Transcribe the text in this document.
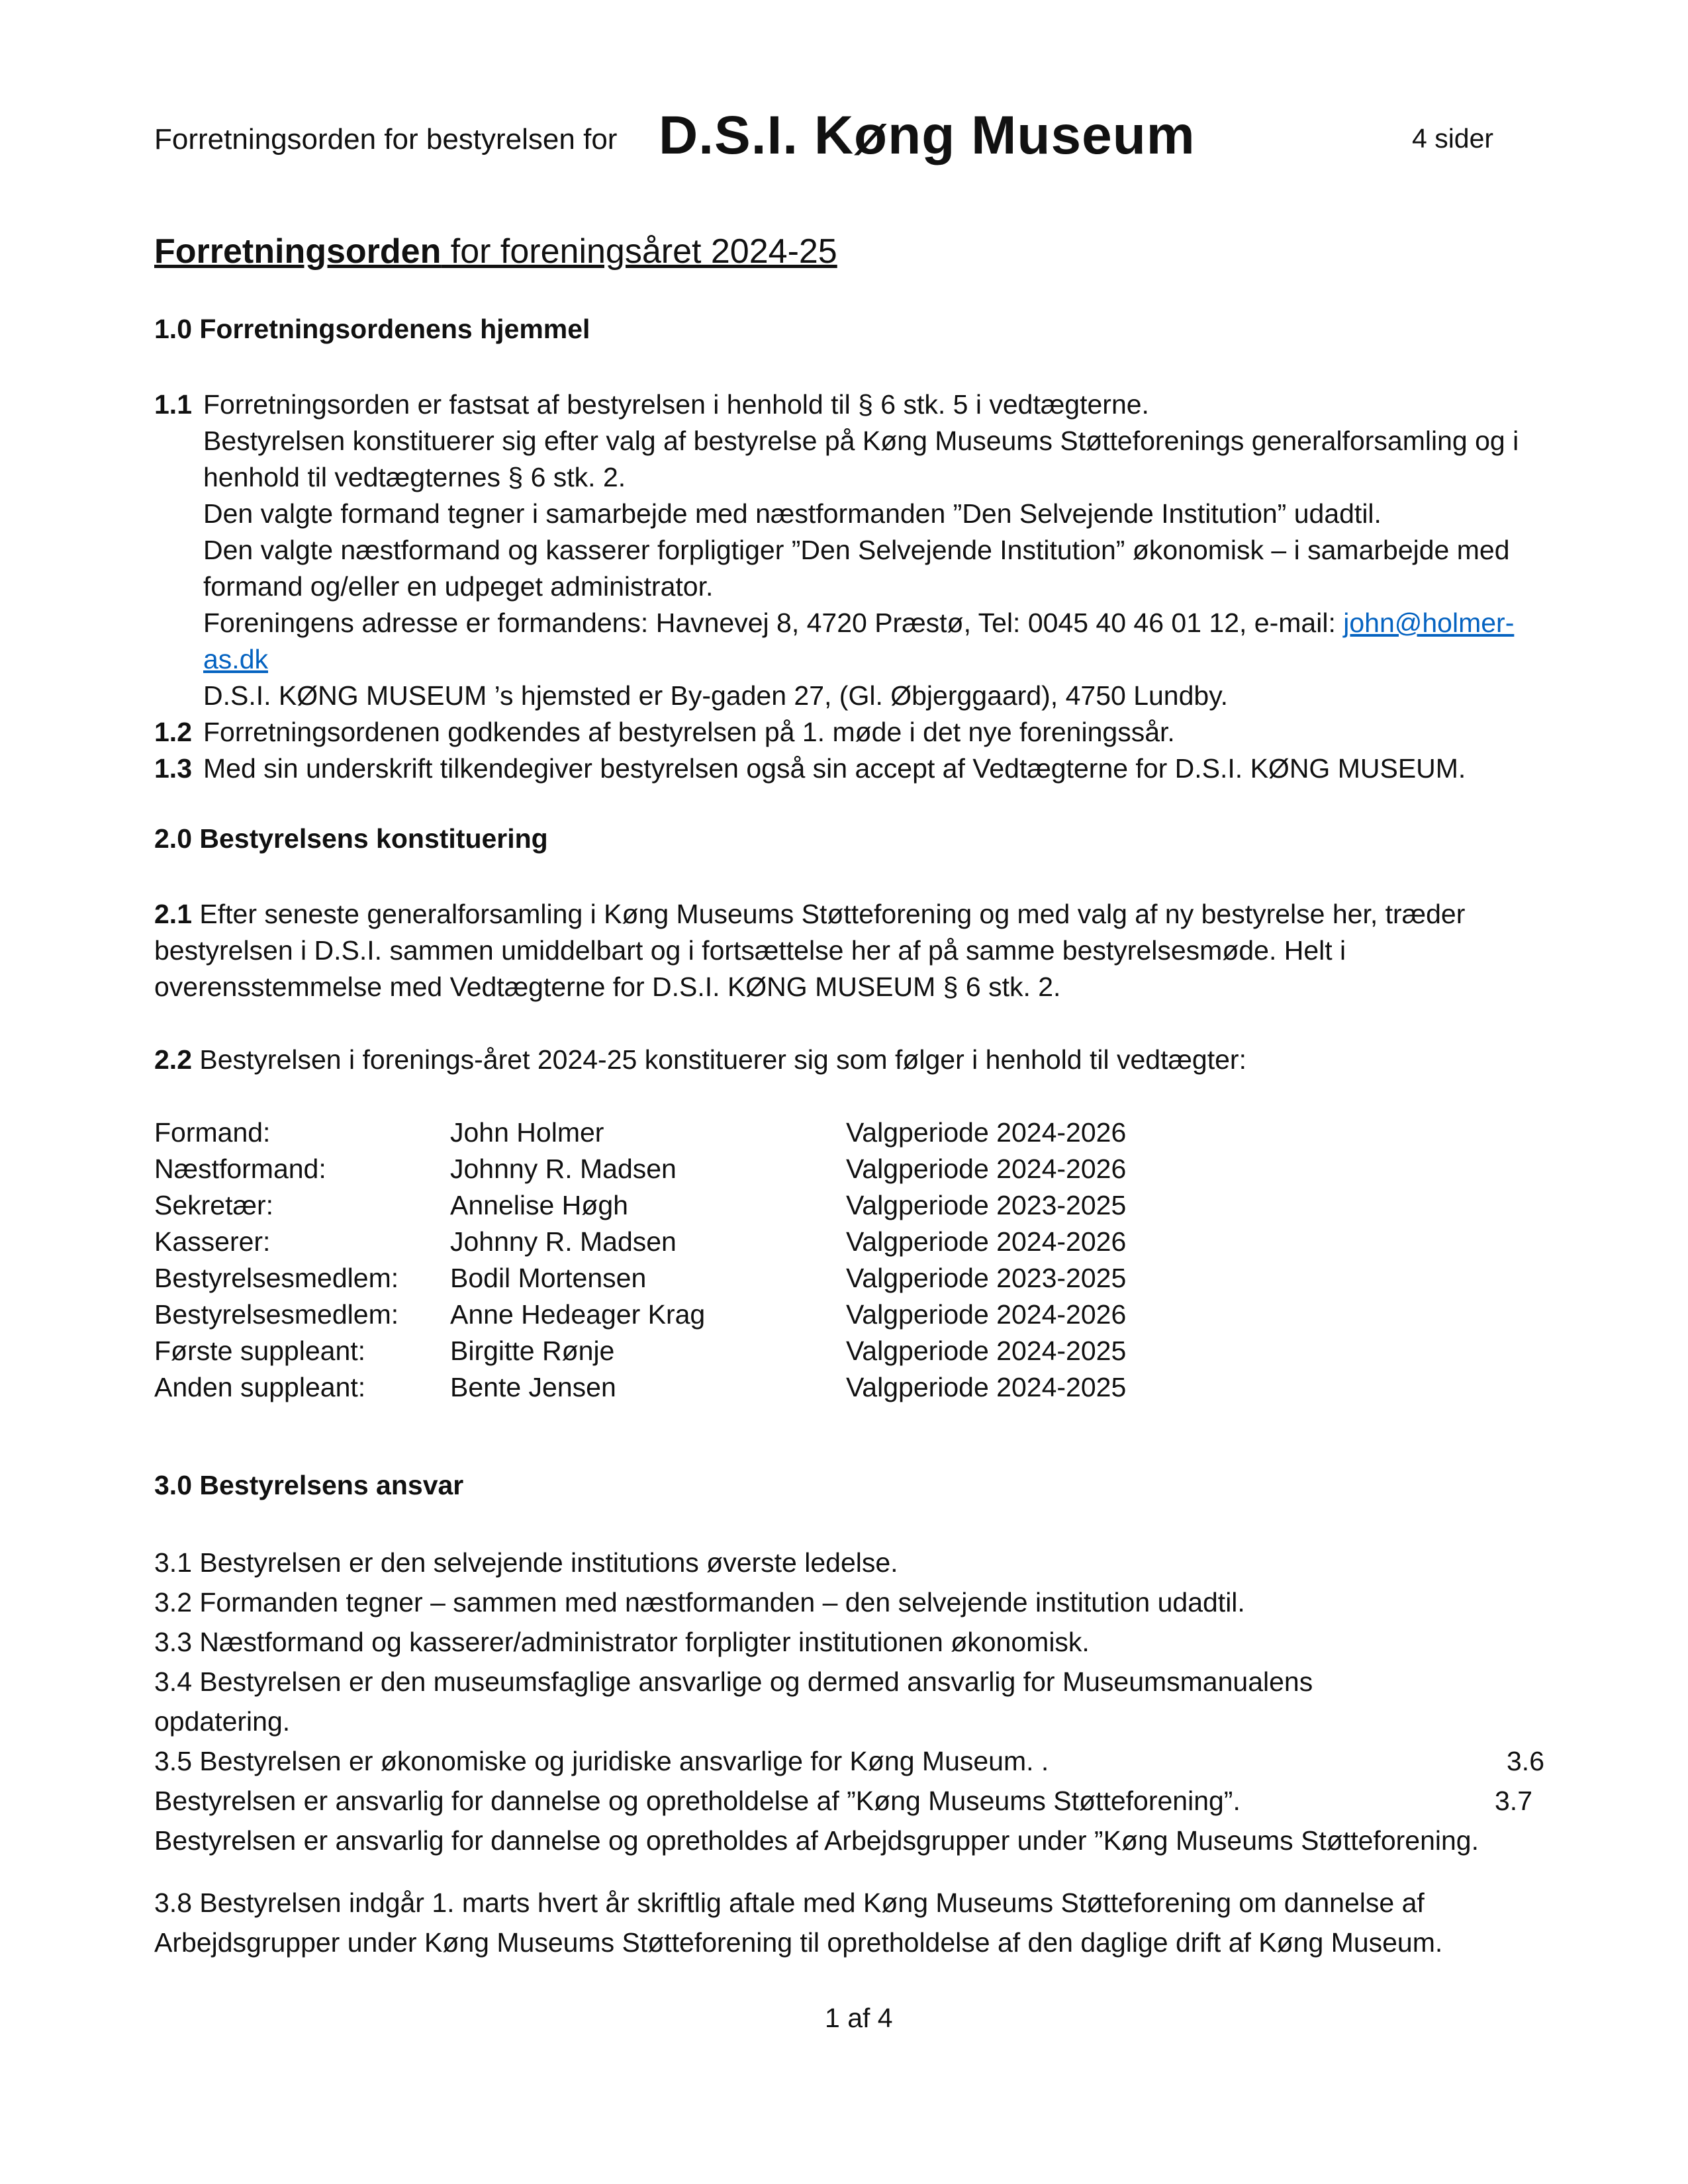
Forretningsorden for bestyrelsen for D.S.I. Køng Museum	4 sider
Forretningsorden for foreningsåret 2024-25
1.0 Forretningsordenens hjemmel
1.1 Forretningsorden er fastsat af bestyrelsen i henhold til § 6 stk. 5 i vedtægterne.
Bestyrelsen konstituerer sig efter valg af bestyrelse på Køng Museums Støtteforenings generalforsamling og i
henhold til vedtægternes § 6 stk. 2.
Den valgte formand tegner i samarbejde med næstformanden ”Den Selvejende Institution” udadtil.
Den valgte næstformand og kasserer forpligtiger ”Den Selvejende Institution” økonomisk – i samarbejde med
formand og/eller en udpeget administrator.
Foreningens adresse er formandens: Havnevej 8, 4720 Præstø, Tel: 0045 40 46 01 12, e-mail: john@holmer-
as.dk
D.S.I. KØNG MUSEUM ’s hjemsted er By-gaden 27, (Gl. Øbjerggaard), 4750 Lundby.
1.2 Forretningsordenen godkendes af bestyrelsen på 1. møde i det nye foreningssår.
1.3 Med sin underskrift tilkendegiver bestyrelsen også sin accept af Vedtægterne for D.S.I. KØNG MUSEUM.
2.0 Bestyrelsens konstituering
2.1 Efter seneste generalforsamling i Køng Museums Støtteforening og med valg af ny bestyrelse her, træder
bestyrelsen i D.S.I. sammen umiddelbart og i fortsættelse her af på samme bestyrelsesmøde. Helt i
overensstemmelse med Vedtægterne for D.S.I. KØNG MUSEUM § 6 stk. 2.
2.2 Bestyrelsen i forenings-året 2024-25 konstituerer sig som følger i henhold til vedtægter:
Formand:	John Holmer	Valgperiode 2024-2026
Næstformand:	Johnny R. Madsen	Valgperiode 2024-2026
Sekretær:	Annelise Høgh	Valgperiode 2023-2025
Kasserer:	Johnny R. Madsen	Valgperiode 2024-2026
Bestyrelsesmedlem: Bodil Mortensen	Valgperiode 2023-2025
Bestyrelsesmedlem: Anne Hedeager Krag	Valgperiode 2024-2026
Første suppleant:	Birgitte Rønje	Valgperiode 2024-2025
Anden suppleant:	Bente Jensen	Valgperiode 2024-2025
3.0 Bestyrelsens ansvar
3.1 Bestyrelsen er den selvejende institutions øverste ledelse.
3.2 Formanden tegner – sammen med næstformanden – den selvejende institution udadtil.
3.3 Næstformand og kasserer/administrator forpligter institutionen økonomisk.
3.4 Bestyrelsen er den museumsfaglige ansvarlige og dermed ansvarlig for Museumsmanualens
opdatering.
3.5 Bestyrelsen er økonomiske og juridiske ansvarlige for Køng Museum. .	3.6
Bestyrelsen er ansvarlig for dannelse og opretholdelse af ”Køng Museums Støtteforening”.	3.7
Bestyrelsen er ansvarlig for dannelse og opretholdes af Arbejdsgrupper under ”Køng Museums Støtteforening.
3.8 Bestyrelsen indgår 1. marts hvert år skriftlig aftale med Køng Museums Støtteforening om dannelse af
Arbejdsgrupper under Køng Museums Støtteforening til opretholdelse af den daglige drift af Køng Museum.
1 af 4
